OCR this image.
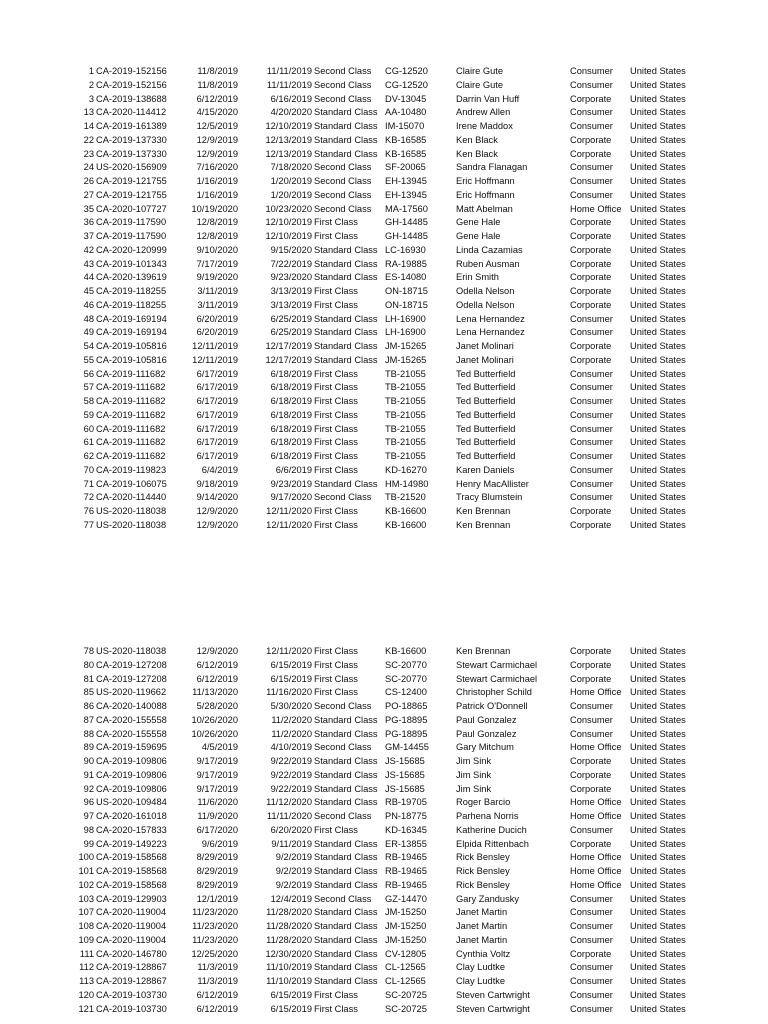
1 CA-2019-152156	11/8/2019	11/11/2019 Second Class CG-12520	Claire Gute	Consumer United States
2 CA-2019-152156	11/8/2019	11/11/2019 Second Class CG-12520	Claire Gute	Consumer United States
3 CA-2019-138688	6/12/2019	6/16/2019 Second Class DV-13045	Darrin Van Huff	Corporate United States
13 CA-2020-114412	4/15/2020	4/20/2020 Standard Class AA-10480	Andrew Allen	Consumer United States
14 CA-2019-161389	12/5/2019	12/10/2019 Standard Class IM-15070	Irene Maddox	Consumer United States
22 CA-2019-137330	12/9/2019	12/13/2019 Standard Class KB-16585	Ken Black	Corporate United States
23 CA-2019-137330	12/9/2019	12/13/2019 Standard Class KB-16585	Ken Black	Corporate United States
24 US-2020-156909	7/16/2020	7/18/2020 Second Class SF-20065	Sandra Flanagan	Consumer United States
26 CA-2019-121755	1/16/2019	1/20/2019 Second Class EH-13945	Eric Hoffmann	Consumer United States
27 CA-2019-121755	1/16/2019	1/20/2019 Second Class EH-13945	Eric Hoffmann	Consumer United States
35 CA-2020-107727	10/19/2020	10/23/2020 Second Class MA-17560	Matt Abelman	Home Office United States
36 CA-2019-117590	12/8/2019	12/10/2019 First Class	GH-14485	Gene Hale	Corporate United States
37 CA-2019-117590	12/8/2019	12/10/2019 First Class	GH-14485	Gene Hale	Corporate United States
42 CA-2020-120999	9/10/2020	9/15/2020 Standard Class LC-16930	Linda Cazamias	Corporate United States
43 CA-2019-101343	7/17/2019	7/22/2019 Standard Class RA-19885	Ruben Ausman	Corporate United States
44 CA-2020-139619	9/19/2020	9/23/2020 Standard Class ES-14080	Erin Smith	Corporate United States
45 CA-2019-118255	3/11/2019	3/13/2019 First Class	ON-18715	Odella Nelson	Corporate United States
46 CA-2019-118255	3/11/2019	3/13/2019 First Class	ON-18715	Odella Nelson	Corporate United States
48 CA-2019-169194	6/20/2019	6/25/2019 Standard Class LH-16900	Lena Hernandez	Consumer United States
49 CA-2019-169194	6/20/2019	6/25/2019 Standard Class LH-16900	Lena Hernandez	Consumer United States
54 CA-2019-105816	12/11/2019	12/17/2019 Standard Class JM-15265	Janet Molinari	Corporate United States
55 CA-2019-105816	12/11/2019	12/17/2019 Standard Class JM-15265	Janet Molinari	Corporate United States
56 CA-2019-111682	6/17/2019	6/18/2019 First Class	TB-21055	Ted Butterfield	Consumer United States
57 CA-2019-111682	6/17/2019	6/18/2019 First Class	TB-21055	Ted Butterfield	Consumer United States
58 CA-2019-111682	6/17/2019	6/18/2019 First Class	TB-21055	Ted Butterfield	Consumer United States
59 CA-2019-111682	6/17/2019	6/18/2019 First Class	TB-21055	Ted Butterfield	Consumer United States
60 CA-2019-111682	6/17/2019	6/18/2019 First Class	TB-21055	Ted Butterfield	Consumer United States
61 CA-2019-111682	6/17/2019	6/18/2019 First Class	TB-21055	Ted Butterfield	Consumer United States
62 CA-2019-111682	6/17/2019	6/18/2019 First Class	TB-21055	Ted Butterfield	Consumer United States
70 CA-2019-119823	6/4/2019	6/6/2019 First Class	KD-16270	Karen Daniels	Consumer United States
71 CA-2019-106075	9/18/2019	9/23/2019 Standard Class HM-14980	Henry MacAllister	Consumer United States
72 CA-2020-114440	9/14/2020	9/17/2020 Second Class TB-21520	Tracy Blumstein	Consumer United States
76 US-2020-118038	12/9/2020	12/11/2020 First Class	KB-16600	Ken Brennan	Corporate United States
77 US-2020-118038	12/9/2020	12/11/2020 First Class	KB-16600	Ken Brennan	Corporate United States
78 US-2020-118038	12/9/2020	12/11/2020 First Class	KB-16600	Ken Brennan	Corporate United States
80 CA-2019-127208	6/12/2019	6/15/2019 First Class	SC-20770	Stewart Carmichael	Corporate United States
81 CA-2019-127208	6/12/2019	6/15/2019 First Class	SC-20770	Stewart Carmichael	Corporate United States
85 US-2020-119662	11/13/2020	11/16/2020 First Class	CS-12400	Christopher Schild	Home Office United States
86 CA-2020-140088	5/28/2020	5/30/2020 Second Class PO-18865	Patrick O'Donnell	Consumer United States
87 CA-2020-155558	10/26/2020	11/2/2020 Standard Class PG-18895	Paul Gonzalez	Consumer United States
88 CA-2020-155558	10/26/2020	11/2/2020 Standard Class PG-18895	Paul Gonzalez	Consumer United States
89 CA-2019-159695	4/5/2019	4/10/2019 Second Class GM-14455	Gary Mitchum	Home Office United States
90 CA-2019-109806	9/17/2019	9/22/2019 Standard Class JS-15685	Jim Sink	Corporate United States
91 CA-2019-109806	9/17/2019	9/22/2019 Standard Class JS-15685	Jim Sink	Corporate United States
92 CA-2019-109806	9/17/2019	9/22/2019 Standard Class JS-15685	Jim Sink	Corporate United States
96 US-2020-109484	11/6/2020	11/12/2020 Standard Class RB-19705	Roger Barcio	Home Office United States
97 CA-2020-161018	11/9/2020	11/11/2020 Second Class PN-18775	Parhena Norris	Home Office United States
98 CA-2020-157833	6/17/2020	6/20/2020 First Class	KD-16345	Katherine Ducich	Consumer United States
99 CA-2019-149223	9/6/2019	9/11/2019 Standard Class ER-13855	Elpida Rittenbach	Corporate United States
100 CA-2019-158568	8/29/2019	9/2/2019 Standard Class RB-19465	Rick Bensley	Home Office United States
101 CA-2019-158568	8/29/2019	9/2/2019 Standard Class RB-19465	Rick Bensley	Home Office United States
102 CA-2019-158568	8/29/2019	9/2/2019 Standard Class RB-19465	Rick Bensley	Home Office United States
103 CA-2019-129903	12/1/2019	12/4/2019 Second Class GZ-14470	Gary Zandusky	Consumer United States
107 CA-2020-119004	11/23/2020	11/28/2020 Standard Class JM-15250	Janet Martin	Consumer United States
108 CA-2020-119004	11/23/2020	11/28/2020 Standard Class JM-15250	Janet Martin	Consumer United States
109 CA-2020-119004	11/23/2020	11/28/2020 Standard Class JM-15250	Janet Martin	Consumer United States
111 CA-2020-146780	12/25/2020	12/30/2020 Standard Class CV-12805	Cynthia Voltz	Corporate United States
112 CA-2019-128867	11/3/2019	11/10/2019 Standard Class CL-12565	Clay Ludtke	Consumer United States
113 CA-2019-128867	11/3/2019	11/10/2019 Standard Class CL-12565	Clay Ludtke	Consumer United States
120 CA-2019-103730	6/12/2019	6/15/2019 First Class	SC-20725	Steven Cartwright	Consumer United States
121 CA-2019-103730	6/12/2019	6/15/2019 First Class	SC-20725	Steven Cartwright	Consumer United States
